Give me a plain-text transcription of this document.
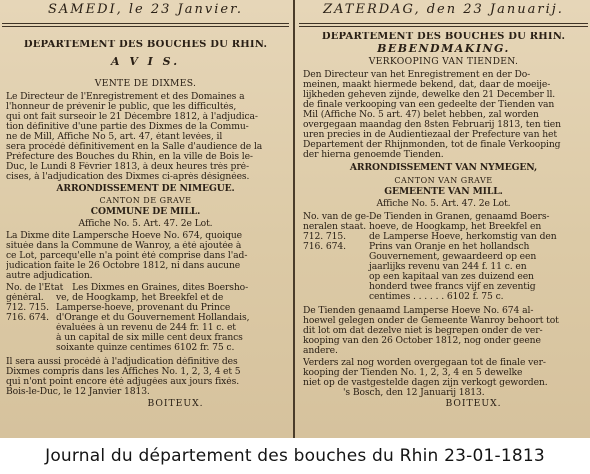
SAMEDI, le 23 Janvier.
DEPARTEMENT DES BOUCHES DU RHIN.
A V I S.
VENTE DE DIXMES.
Le Directeur de l'Enregistrement et des Domaines a
l'honneur de prévenir le public, que les difficultés,
qui ont fait surseoir le 21 Décembre 1812, à l'adjudica-
tion définitive d'une partie des Dixmes de la Commu-
ne de Mill, Affiche No 5, art. 47, étant levées, il
sera procédé définitivement en la Salle d'audience de la
Préfecture des Bouches du Rhin, en la ville de Bois le-
Duc, le Lundi 8 Février 1813, à deux heures très pré-
cises, à l'adjudication des Dixmes ci-après désignées.
ARRONDISSEMENT DE NIMEGUE.
CANTON DE GRAVE
COMMUNE DE MILL.
Affiche No. 5. Art. 47. 2e Lot.
La Dixme dite Lampersche Hoeve No. 674, quoique
située dans la Commune de Wanroy, a été ajoutée à
ce Lot, parcequ'elle n'a point été comprise dans l'ad-
judication faite le 26 Octobre 1812, ni dans aucune
autre adjudication.
No. de l'État Les Dixmes en Graines, dites Boersho-
général. ve, de Hoogkamp, het Breekfel et de
712. 715. Lamperse-hoeve, provenant du Prince
716. 674. d'Orange et du Gouvernement Hollandais,
évaluées à un revenu de 244 fr. 11 c. et
à un capital de six mille cent deux francs
soixante quinze centimes 6102 fr. 75 c.
Il sera aussi procédé à l'adjudication définitive des
Dixmes compris dans les Affiches No. 1, 2, 3, 4 et 5
qui n'ont point encore été adjugées aux jours fixés.
Bois-le-Duc, le 12 Janvier 1813.
BOITEUX.
ZATERDAG, den 23 Januarij.
DEPARTEMENT DES BOUCHES DU RHIN.
BEBENDMAKING.
VERKOOPING VAN TIENDEN.
Den Directeur van het Enregistrement en der Do-
meinen, maakt hiermede bekend, dat, daar de moeije-
lijkheden geheven zijnde, dewelke den 21 December ll.
de finale verkooping van een gedeelte der Tienden van
Mil (Affiche No. 5 art. 47) belet hebben, zal worden
overgegaan maandag den 8sten Februarij 1813, ten tien
uren precies in de Audientiezaal der Prefecture van het
Departement der Rhijnmonden, tot de finale Verkooping
der hierna genoemde Tienden.
ARRONDISSEMENT VAN NYMEGEN,
CANTON VAN GRAVE
GEMEENTE VAN MILL.
Affiche No. 5. Art. 47. 2e Lot.
No. van de ge-De Tienden in Granen, genaamd Boers-
neralen staat. hoeve, de Hoogkamp, het Breekfel en
712. 715.	de Lamperse Hoeve, herkomstig van den
716. 674.	Prins van Oranje en het hollandsch
Gouvernement, gewaardeerd op een
jaarlijks revenu van 244 f. 11 c. en
op een kapitaal van zes duizend een
honderd twee francs vijf en zeventig
centimes . . . . . . 6102 f. 75 c.
De Tienden genaamd Lamperse Hoeve No. 674 al-
hoewel gelegen onder de Gemeente Wanroy behoort tot
dit lot om dat dezelve niet is begrepen onder de ver-
kooping van den 26 October 1812, nog onder geene
andere.
Verders zal nog worden overgegaan tot de finale ver-
kooping der Tienden No. 1, 2, 3, 4 en 5 dewelke
niet op de vastgestelde dagen zijn verkogt geworden.
's Bosch, den 12 Januarij 1813.
BOITEUX.
Journal du département des bouches du Rhin 23-01-1813
